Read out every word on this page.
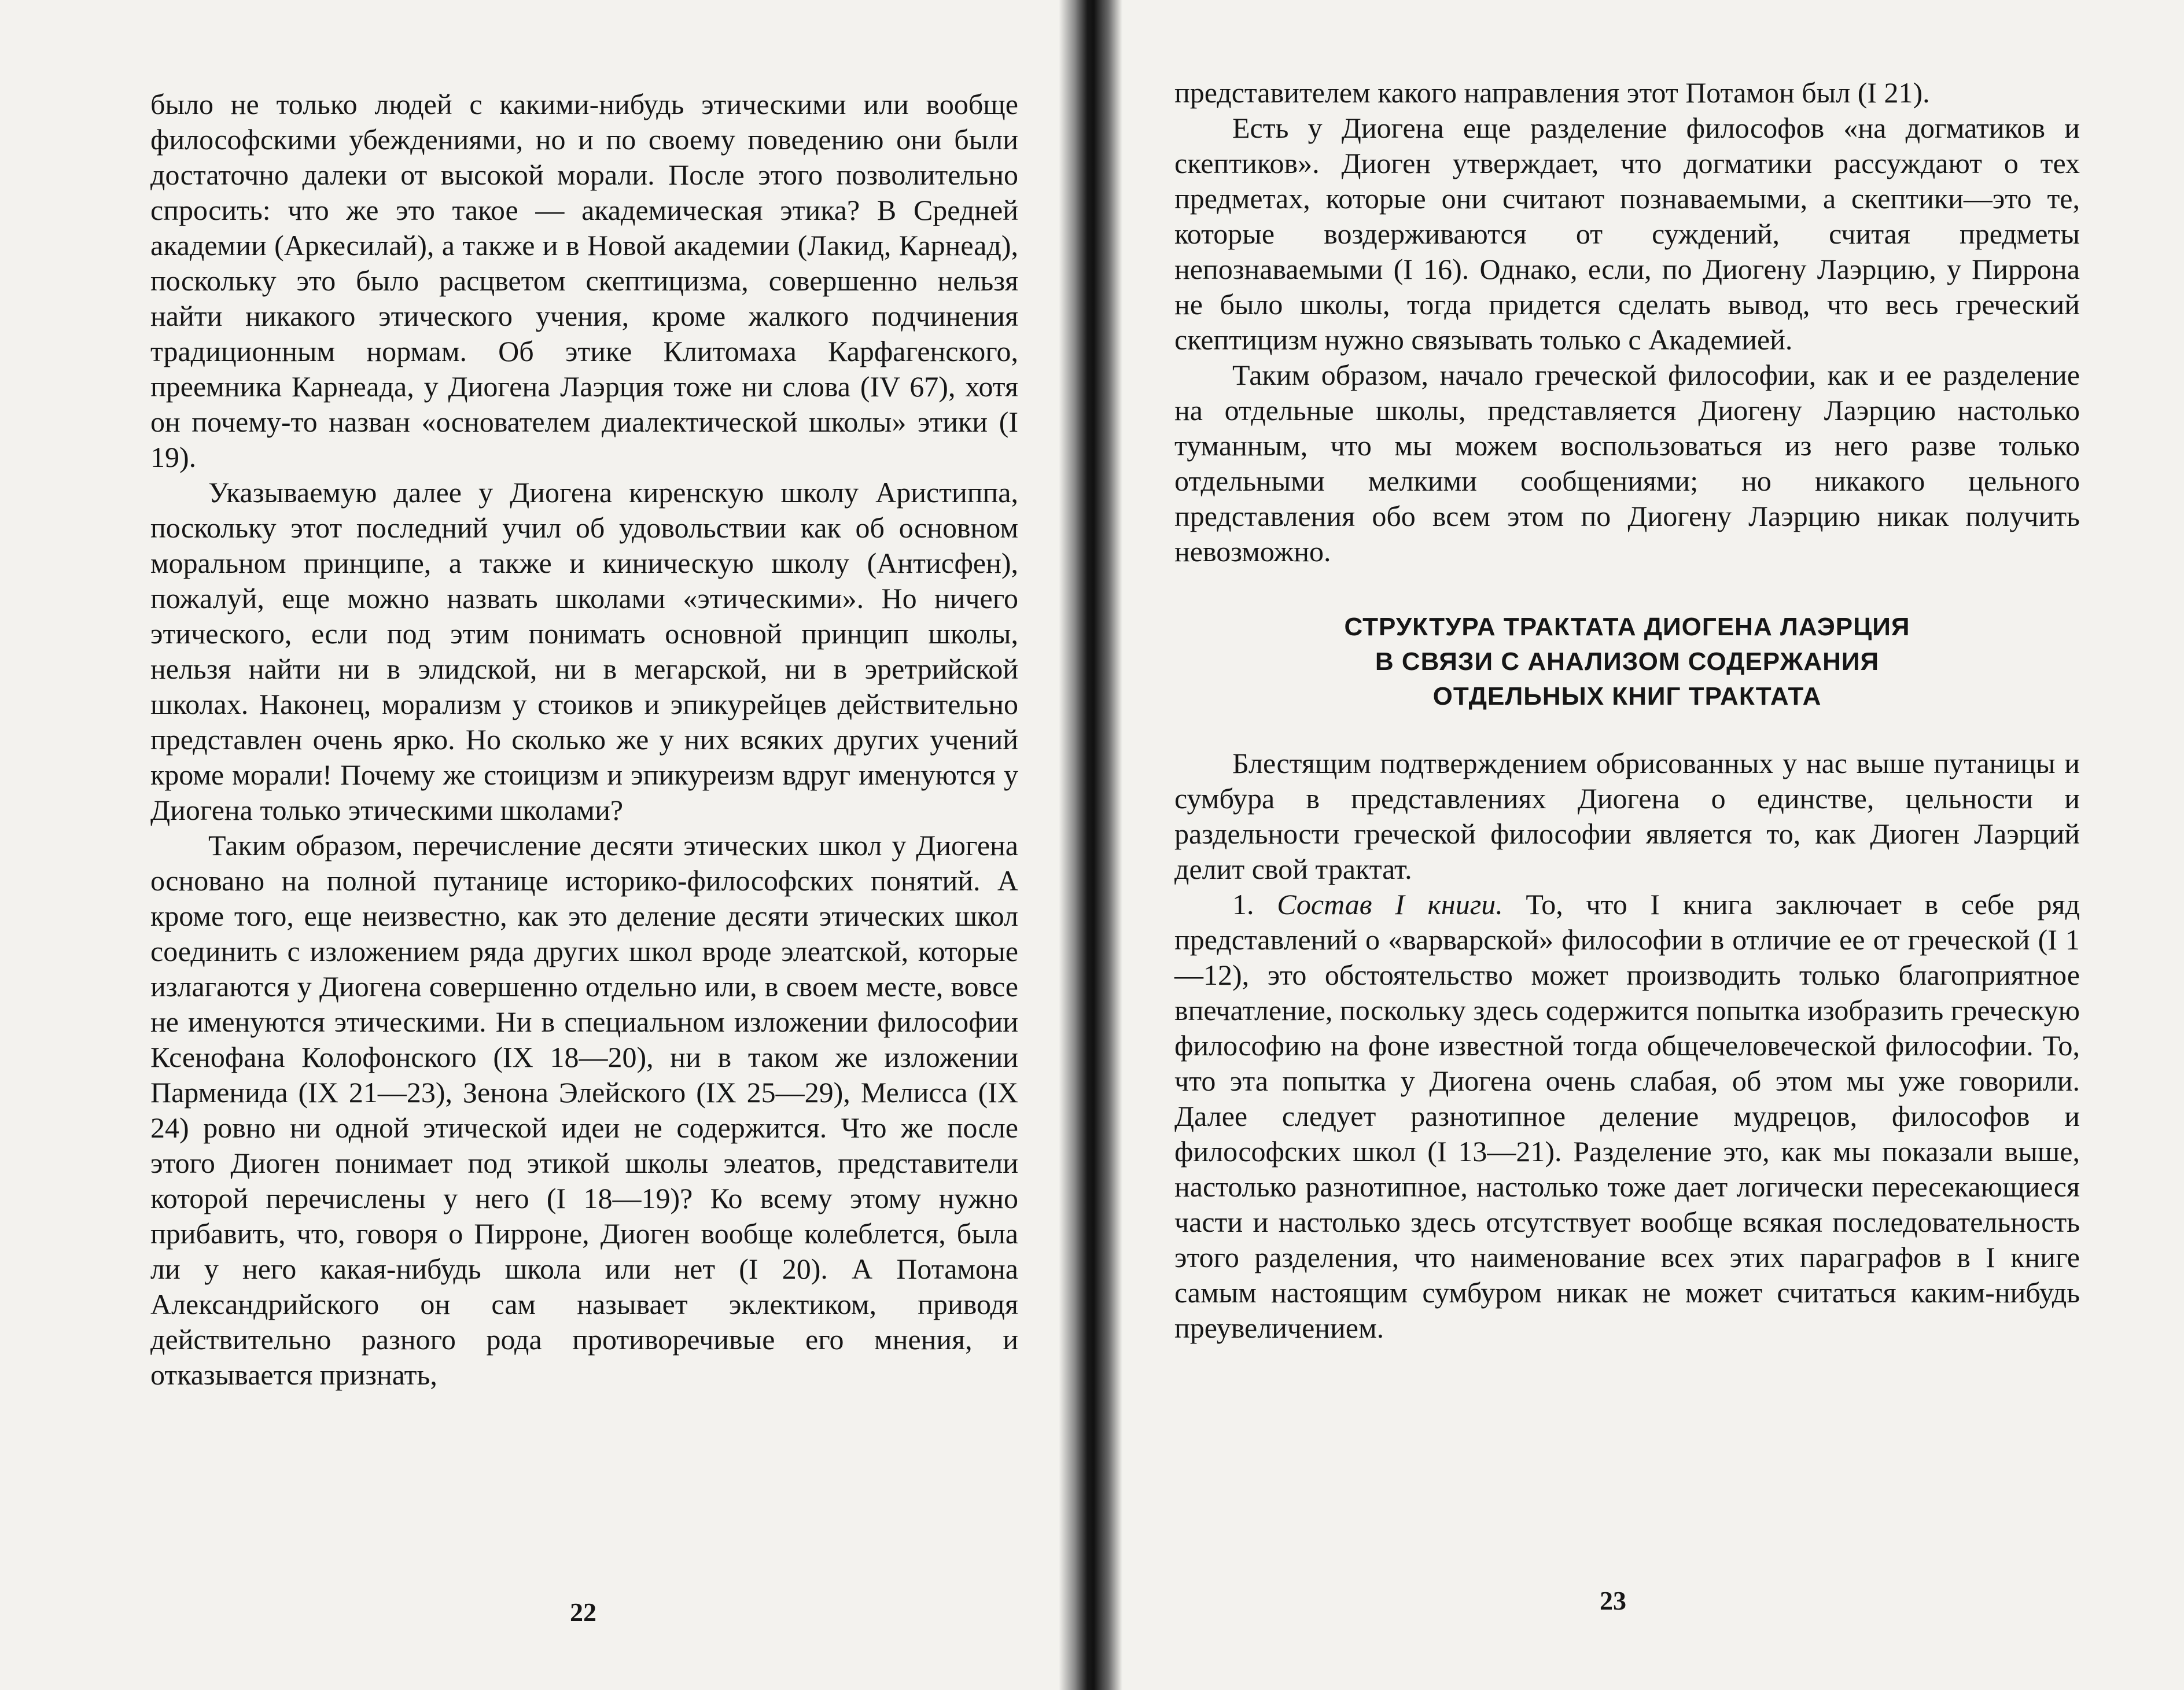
было не только людей с какими-нибудь этическими или вообще философскими убеждениями, но и по своему поведению они были достаточно далеки от высокой морали. После этого позволительно спросить: что же это такое — академическая этика? В Средней академии (Аркесилай), а также и в Новой академии (Лакид, Карнеад), поскольку это было расцветом скептицизма, совершенно нельзя найти никакого этического учения, кроме жалкого подчинения традиционным нормам. Об этике Клитомаха Карфагенского, преемника Карнеада, у Диогена Лаэрция тоже ни слова (IV 67), хотя он почему-то назван «основателем диалектической школы» этики (I 19).

Указываемую далее у Диогена киренскую школу Аристиппа, поскольку этот последний учил об удовольствии как об основном моральном принципе, а также и киническую школу (Антисфен), пожалуй, еще можно назвать школами «этическими». Но ничего этического, если под этим понимать основной принцип школы, нельзя найти ни в элидской, ни в мегарской, ни в эретрийской школах. Наконец, морализм у стоиков и эпикурейцев действительно представлен очень ярко. Но сколько же у них всяких других учений кроме морали! Почему же стоицизм и эпикуреизм вдруг именуются у Диогена только этическими школами?

Таким образом, перечисление десяти этических школ у Диогена основано на полной путанице историко-философских понятий. А кроме того, еще неизвестно, как это деление десяти этических школ соединить с изложением ряда других школ вроде элеатской, которые излагаются у Диогена совершенно отдельно или, в своем месте, вовсе не именуются этическими. Ни в специальном изложении философии Ксенофана Колофонского (IX 18—20), ни в таком же изложении Парменида (IX 21—23), Зенона Элейского (IX 25—29), Мелисса (IX 24) ровно ни одной этической идеи не содержится. Что же после этого Диоген понимает под этикой школы элеатов, представители которой перечислены у него (I 18—19)? Ко всему этому нужно прибавить, что, говоря о Пирроне, Диоген вообще колеблется, была ли у него какая-нибудь школа или нет (I 20). А Потамона Александрийского он сам называет эклектиком, приводя действительно разного рода противоречивые его мнения, и отказывается признать,

22

представителем какого направления этот Потамон был (I 21).

Есть у Диогена еще разделение философов «на догматиков и скептиков». Диоген утверждает, что догматики рассуждают о тех предметах, которые они считают познаваемыми, а скептики—это те, которые воздерживаются от суждений, считая предметы непознаваемыми (I 16). Однако, если, по Диогену Лаэрцию, у Пиррона не было школы, тогда придется сделать вывод, что весь греческий скептицизм нужно связывать только с Академией.

Таким образом, начало греческой философии, как и ее разделение на отдельные школы, представляется Диогену Лаэрцию настолько туманным, что мы можем воспользоваться из него разве только отдельными мелкими сообщениями; но никакого цельного представления обо всем этом по Диогену Лаэрцию никак получить невозможно.

СТРУКТУРА ТРАКТАТА ДИОГЕНА ЛАЭРЦИЯ
В СВЯЗИ С АНАЛИЗОМ СОДЕРЖАНИЯ
ОТДЕЛЬНЫХ КНИГ ТРАКТАТА

Блестящим подтверждением обрисованных у нас выше путаницы и сумбура в представлениях Диогена о единстве, цельности и раздельности греческой философии является то, как Диоген Лаэрций делит свой трактат.

1. Состав I книги. То, что I книга заключает в себе ряд представлений о «варварской» философии в отличие ее от греческой (I 1—12), это обстоятельство может производить только благоприятное впечатление, поскольку здесь содержится попытка изобразить греческую философию на фоне известной тогда общечеловеческой философии. То, что эта попытка у Диогена очень слабая, об этом мы уже говорили. Далее следует разнотипное деление мудрецов, философов и философских школ (I 13—21). Разделение это, как мы показали выше, настолько разнотипное, настолько тоже дает логически пересекающиеся части и настолько здесь отсутствует вообще всякая последовательность этого разделения, что наименование всех этих параграфов в I книге самым настоящим сумбуром никак не может считаться каким-нибудь преувеличением.

23
